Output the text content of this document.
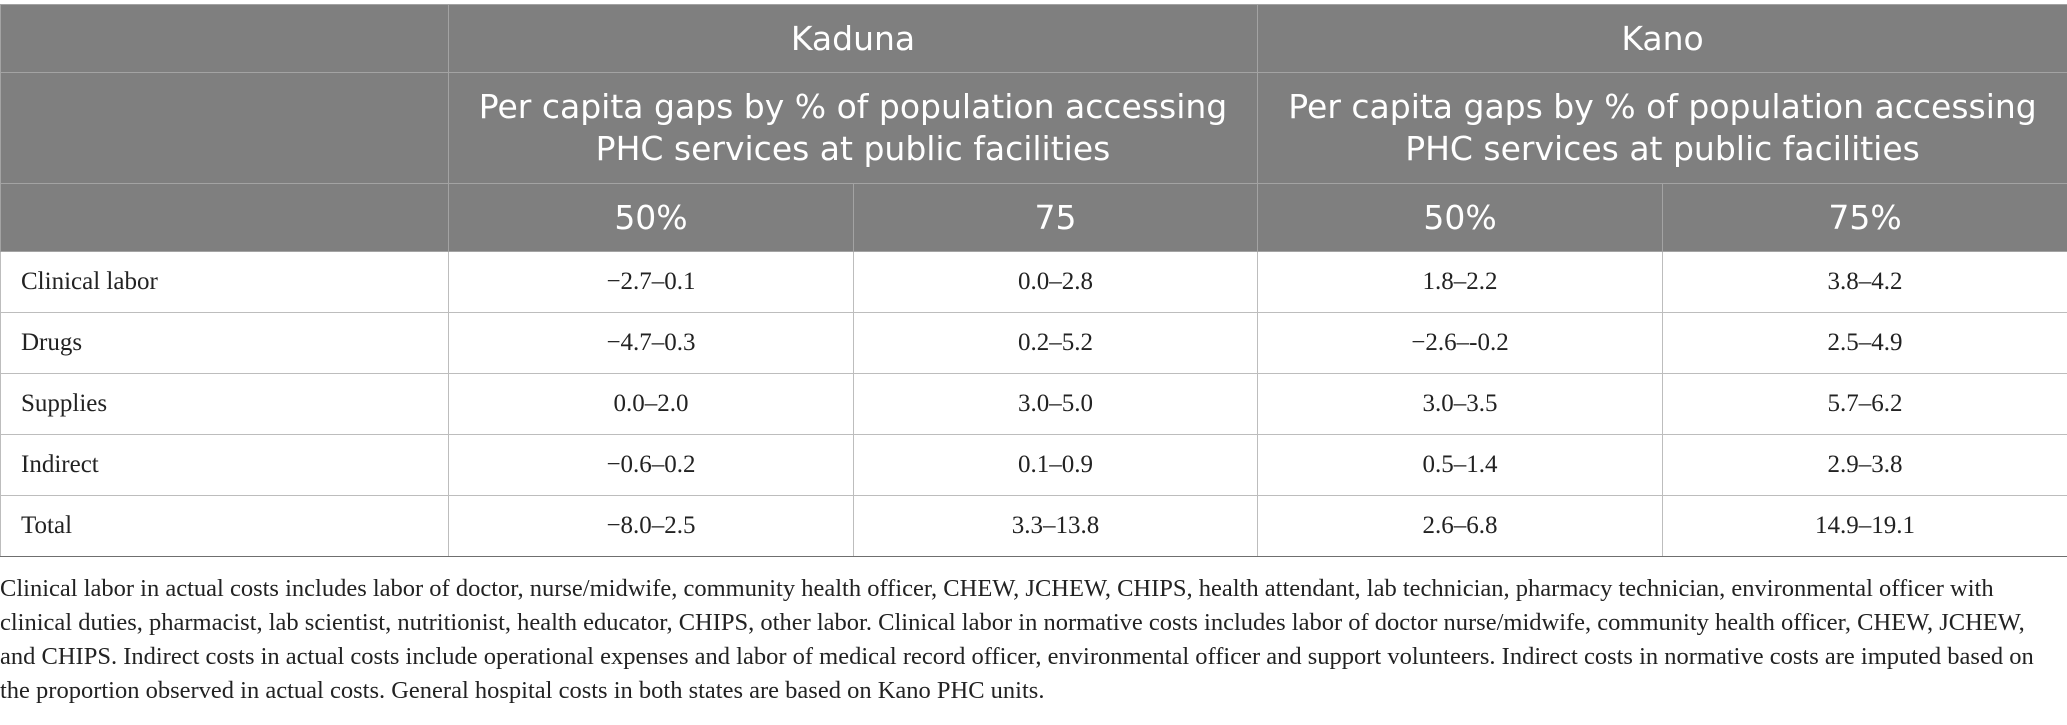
	Kaduna		Kano	
	Per capita gaps by % of population accessing PHC services at public facilities		Per capita gaps by % of population accessing PHC services at public facilities	
	50%	75	50%	75%
Clinical labor	−2.7–0.1	0.0–2.8	1.8–2.2	3.8–4.2
Drugs	−4.7–0.3	0.2–5.2	−2.6–-0.2	2.5–4.9
Supplies	0.0–2.0	3.0–5.0	3.0–3.5	5.7–6.2
Indirect	−0.6–0.2	0.1–0.9	0.5–1.4	2.9–3.8
Total	−8.0–2.5	3.3–13.8	2.6–6.8	14.9–19.1

Clinical labor in actual costs includes labor of doctor, nurse/midwife, community health officer, CHEW, JCHEW, CHIPS, health attendant, lab technician, pharmacy technician, environmental officer with clinical duties, pharmacist, lab scientist, nutritionist, health educator, CHIPS, other labor. Clinical labor in normative costs includes labor of doctor nurse/midwife, community health officer, CHEW, JCHEW, and CHIPS. Indirect costs in actual costs include operational expenses and labor of medical record officer, environmental officer and support volunteers. Indirect costs in normative costs are imputed based on the proportion observed in actual costs. General hospital costs in both states are based on Kano PHC units.
